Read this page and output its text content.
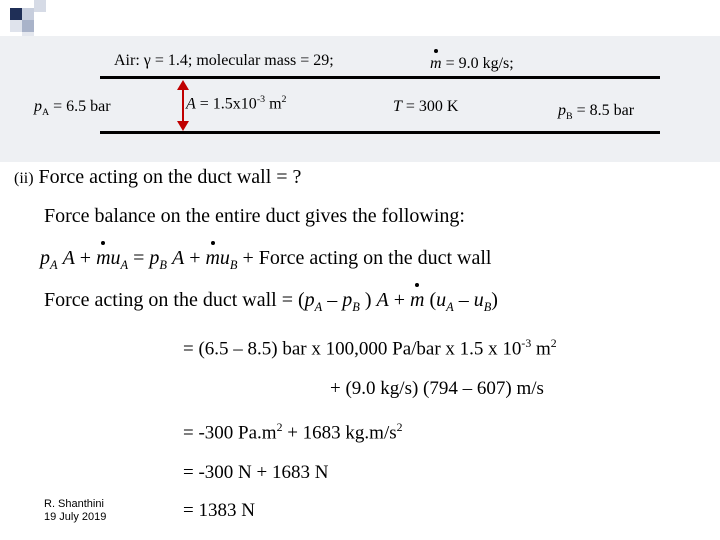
Air: γ = 1.4; molecular mass = 29;	m = 9.0 kg/s;
$p_A = 6.5$ bar	$A = 1.5x10^{-3}$ $m^2$	T = 300 K	$p_B = 8.5$ bar
(ii) Force acting on the duct wall = ?
Force balance on the entire duct gives the following:
$p_A$ A + m
$u_A = p_B$ A + m
$u_B$ + Force acting on the duct wall
Force acting on the duct wall = ($p_A - p_B$ ) A + m $(u_A - u_B)$
= (6.5 – 8.5) bar x 100,000 Pa/bar x 1.5 x $10^{-3}$ $m^2$
+ (9.0 kg/s) (794 – 607) m/s
= -300 $Pa.m^2 + 1683$ $kg.m/s^2$
= -300 N + 1683 N
= 1383 N
R. Shanthini
19 July 2019
